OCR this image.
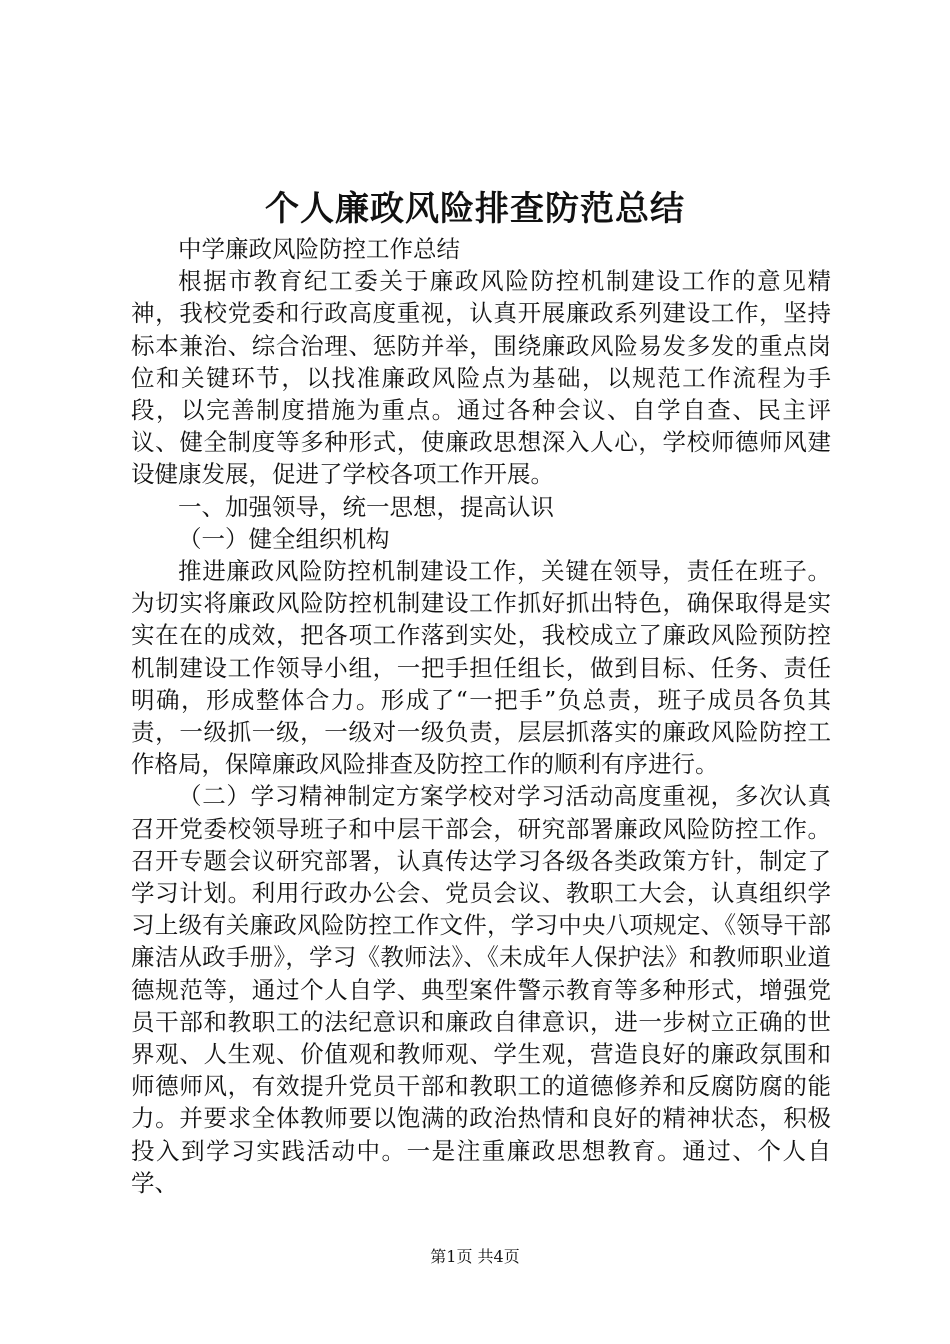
个人廉政风险排查防范总结

中学廉政风险防控工作总结

根据市教育纪工委关于廉政风险防控机制建设工作的意见精神，我校党委和行政高度重视，认真开展廉政系列建设工作，坚持标本兼治、综合治理、惩防并举，围绕廉政风险易发多发的重点岗位和关键环节，以找准廉政风险点为基础，以规范工作流程为手段，以完善制度措施为重点。通过各种会议、自学自查、民主评议、健全制度等多种形式，使廉政思想深入人心，学校师德师风建设健康发展，促进了学校各项工作开展。

一、加强领导，统一思想，提高认识

（一）健全组织机构

推进廉政风险防控机制建设工作，关键在领导，责任在班子。为切实将廉政风险防控机制建设工作抓好抓出特色，确保取得是实实在在的成效，把各项工作落到实处，我校成立了廉政风险预防控机制建设工作领导小组，一把手担任组长，做到目标、任务、责任明确，形成整体合力。形成了“一把手”负总责，班子成员各负其责，一级抓一级，一级对一级负责，层层抓落实的廉政风险防控工作格局，保障廉政风险排查及防控工作的顺利有序进行。

（二）学习精神制定方案学校对学习活动高度重视，多次认真召开党委校领导班子和中层干部会，研究部署廉政风险防控工作。召开专题会议研究部署，认真传达学习各级各类政策方针，制定了学习计划。利用行政办公会、党员会议、教职工大会，认真组织学习上级有关廉政风险防控工作文件，学习中央八项规定、《领导干部廉洁从政手册》，学习《教师法》、《未成年人保护法》和教师职业道德规范等，通过个人自学、典型案件警示教育等多种形式，增强党员干部和教职工的法纪意识和廉政自律意识，进一步树立正确的世界观、人生观、价值观和教师观、学生观，营造良好的廉政氛围和师德师风，有效提升党员干部和教职工的道德修养和反腐防腐的能力。并要求全体教师要以饱满的政治热情和良好的精神状态，积极投入到学习实践活动中。一是注重廉政思想教育。通过、个人自学、

第1页 共4页
